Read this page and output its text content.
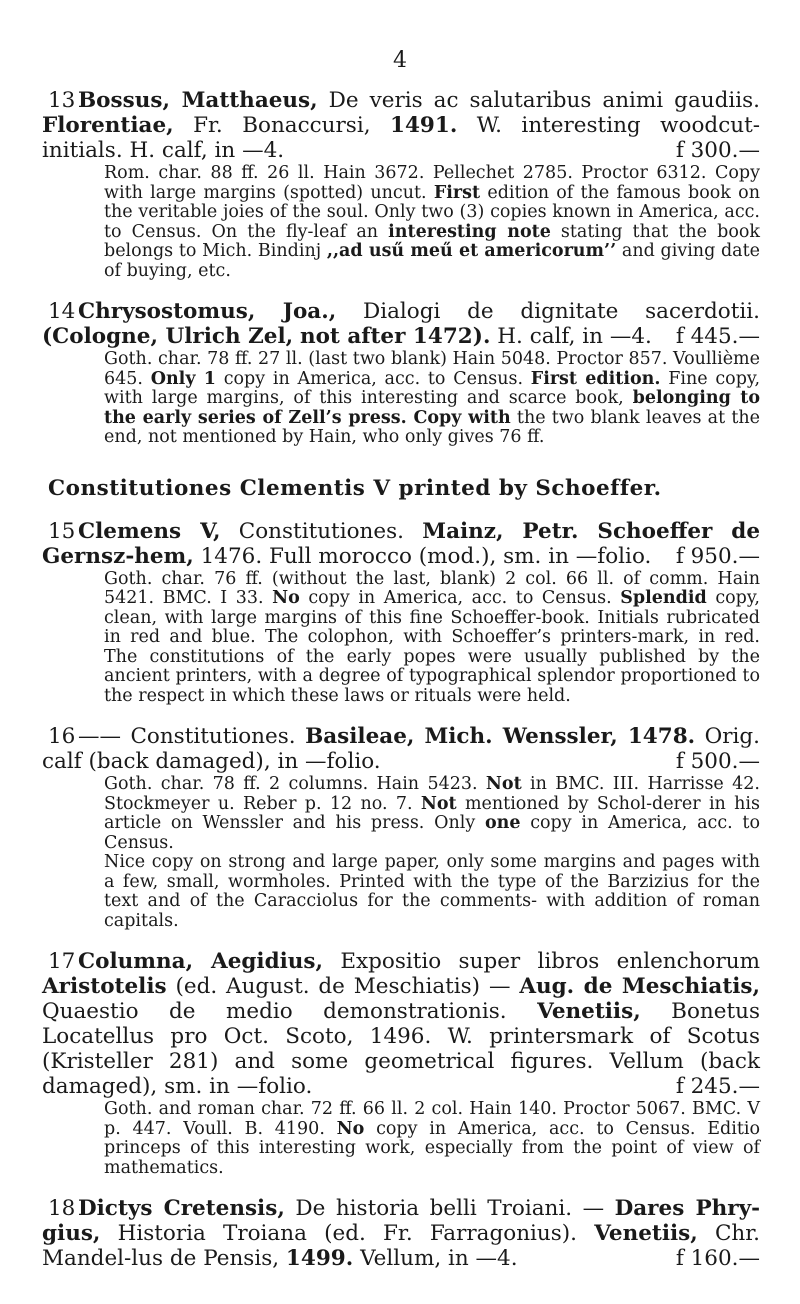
4

13 Bossus, Matthaeus, De veris ac salutaribus animi gaudiis. Florentiae, Fr. Bonaccursi, 1491. W. interesting woodcut-initials. H. calf, in —4.	f 300.—

Rom. char. 88 ff. 26 ll. Hain 3672. Pellechet 2785. Proctor 6312. Copy with large margins (spotted) uncut. First edition of the famous book on the veritable joies of the soul. Only two (3) copies known in America, acc. to Census. On the fly-leaf an interesting note stating that the book belongs to Mich. Bindinj ,,ad usű meű et americorum’’ and giving date of buying, etc.

14 Chrysostomus, Joa., Dialogi de dignitate sacerdotii. (Cologne, Ulrich Zel, not after 1472). H. calf, in —4. f 445.—

Goth. char. 78 ff. 27 ll. (last two blank) Hain 5048. Proctor 857. Voullième 645. Only 1 copy in America, acc. to Census. First edition. Fine copy, with large margins, of this interesting and scarce book, belonging to the early series of Zell’s press. Copy with the two blank leaves at the end, not mentioned by Hain, who only gives 76 ff.
Constitutiones Clementis V printed by Schoeffer.

15 Clemens V, Constitutiones. Mainz, Petr. Schoeffer de Gernsz-hem, 1476. Full morocco (mod.), sm. in —folio. f 950.—

Goth. char. 76 ff. (without the last, blank) 2 col. 66 ll. of comm. Hain 5421. BMC. I 33. No copy in America, acc. to Census. Splendid copy, clean, with large margins of this fine Schoeffer-book. Initials rubricated in red and blue. The colophon, with Schoeffer’s printers-mark, in red. The constitutions of the early popes were usually published by the ancient printers, with a degree of typographical splendor proportioned to the respect in which these laws or rituals were held.

16 —— Constitutiones. Basileae, Mich. Wenssler, 1478. Orig. calf (back damaged), in —folio.	f 500.—

Goth. char. 78 ff. 2 columns. Hain 5423. Not in BMC. III. Harrisse 42. Stockmeyer u. Reber p. 12 no. 7. Not mentioned by Schol-derer in his article on Wenssler and his press. Only one copy in America, acc. to Census.

Nice copy on strong and large paper, only some margins and pages with a few, small, wormholes. Printed with the type of the Barzizius for the text and of the Caracciolus for the comments- with addition of roman capitals.

17 Columna, Aegidius, Expositio super libros enlenchorum Aristotelis (ed. August. de Meschiatis) — Aug. de Meschiatis, Quaestio de medio demonstrationis. Venetiis, Bonetus Locatellus pro Oct. Scoto, 1496. W. printersmark of Scotus (Kristeller 281) and some geometrical figures. Vellum (back damaged), sm. in —folio.	f 245.—

Goth. and roman char. 72 ff. 66 ll. 2 col. Hain 140. Proctor 5067. BMC. V p. 447. Voull. B. 4190. No copy in America, acc. to Census. Editio princeps of this interesting work, especially from the point of view of mathematics.

18 Dictys Cretensis, De historia belli Troiani. — Dares Phry-gius, Historia Troiana (ed. Fr. Farragonius). Venetiis, Chr. Mandel-lus de Pensis, 1499. Vellum, in —4.	f 160.—
